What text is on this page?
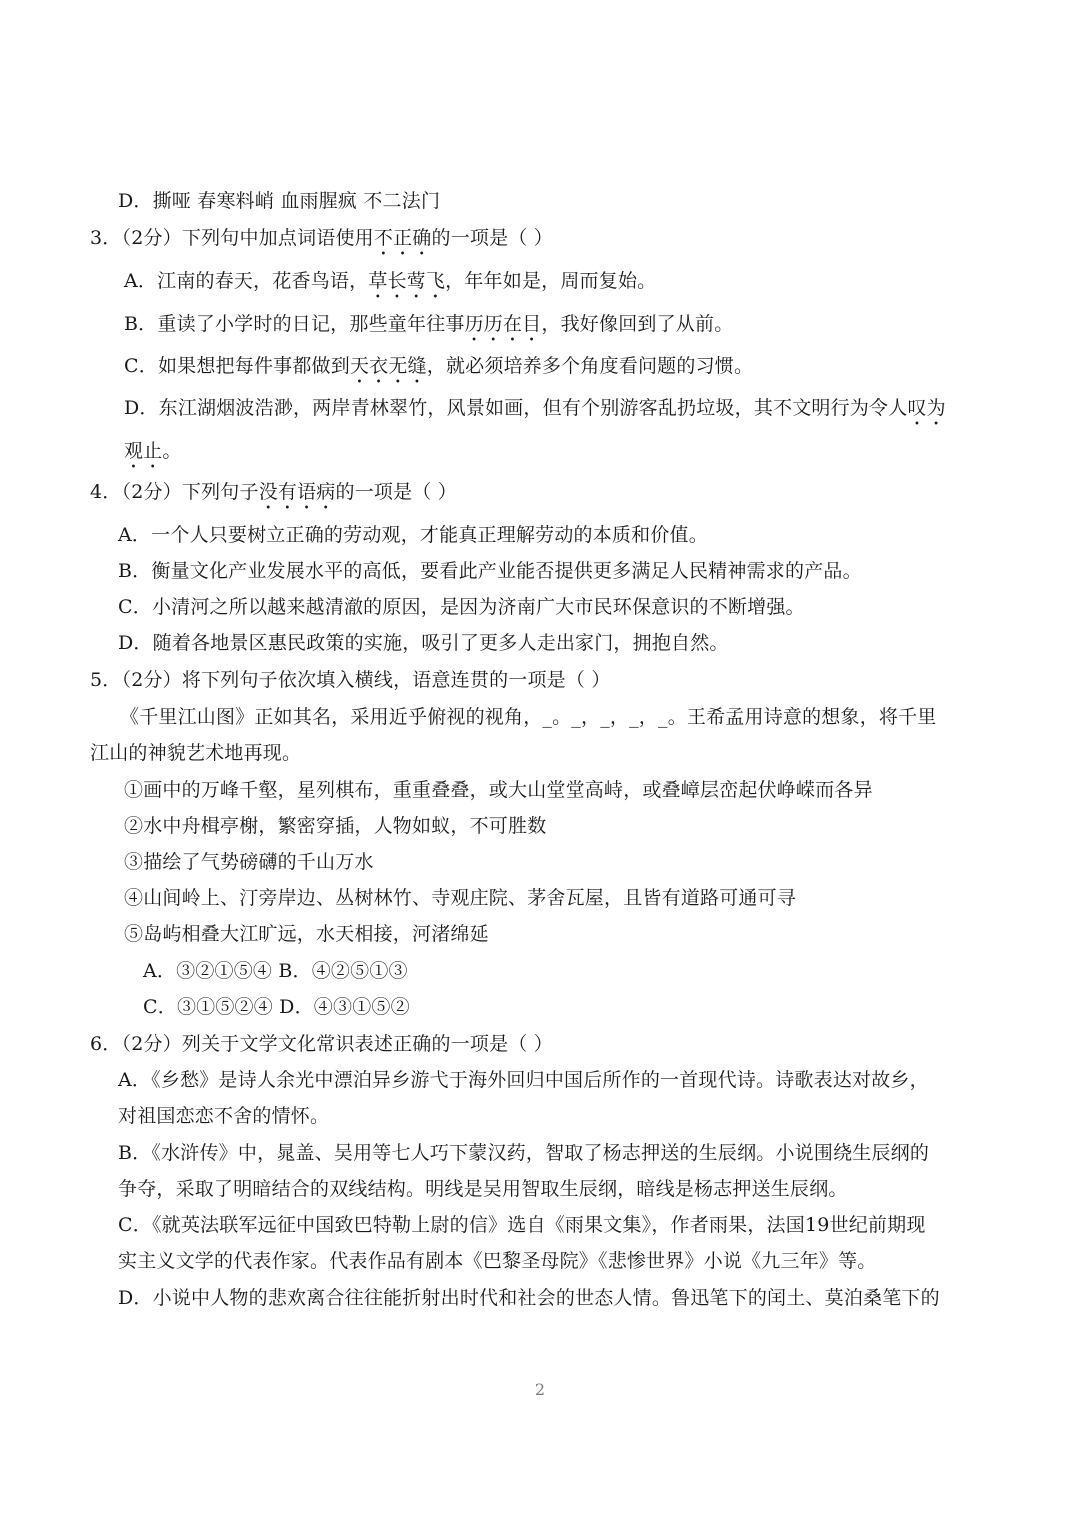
D．撕哑 春寒料峭 血雨腥疯 不二法门
3．（2分）下列句中加点词语使用不正确的一项是（ ）
A．江南的春天，花香鸟语，草长莺飞，年年如是，周而复始。
B．重读了小学时的日记，那些童年往事历历在目，我好像回到了从前。
C．如果想把每件事都做到天衣无缝，就必须培养多个角度看问题的习惯。
D．东江湖烟波浩渺，两岸青林翠竹，风景如画，但有个别游客乱扔垃圾，其不文明行为令人叹为
观止。
4．（2分）下列句子没有语病的一项是（ ）
A．一个人只要树立正确的劳动观，才能真正理解劳动的本质和价值。
B．衡量文化产业发展水平的高低，要看此产业能否提供更多满足人民精神需求的产品。
C．小清河之所以越来越清澈的原因，是因为济南广大市民环保意识的不断增强。
D．随着各地景区惠民政策的实施，吸引了更多人走出家门，拥抱自然。
5．（2分）将下列句子依次填入横线，语意连贯的一项是（ ）
《千里江山图》正如其名，采用近乎俯视的视角，_。_，_，_，_。王希孟用诗意的想象，将千里
江山的神貌艺术地再现。
①画中的万峰千壑，星列棋布，重重叠叠，或大山堂堂高峙，或叠嶂层峦起伏峥嵘而各异
②水中舟楫亭榭，繁密穿插，人物如蚁，不可胜数
③描绘了气势磅礴的千山万水
④山间岭上、汀旁岸边、丛树林竹、寺观庄院、茅舍瓦屋，且皆有道路可通可寻
⑤岛屿相叠大江旷远，水天相接，河渚绵延
A．③②①⑤④ B．④②⑤①③
C．③①⑤②④ D．④③①⑤②
6．（2分）列关于文学文化常识表述正确的一项是（ ）
A．《乡愁》是诗人余光中漂泊异乡游弋于海外回归中国后所作的一首现代诗。诗歌表达对故乡，
对祖国恋恋不舍的情怀。
B．《水浒传》中，晁盖、吴用等七人巧下蒙汉药，智取了杨志押送的生辰纲。小说围绕生辰纲的
争夺，采取了明暗结合的双线结构。明线是吴用智取生辰纲，暗线是杨志押送生辰纲。
C．《就英法联军远征中国致巴特勒上尉的信》选自《雨果文集》，作者雨果，法国19世纪前期现
实主义文学的代表作家。代表作品有剧本《巴黎圣母院》《悲惨世界》小说《九三年》等。
D．小说中人物的悲欢离合往往能折射出时代和社会的世态人情。鲁迅笔下的闰土、莫泊桑笔下的
2
